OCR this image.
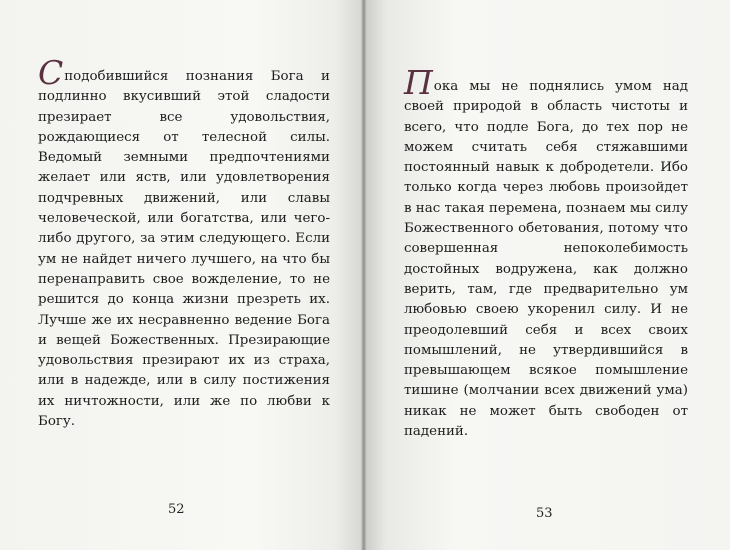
Сподобившийся познания Бога и подлинно вкусивший этой сладости презирает все удовольствия, рождающиеся от телесной силы. Ведомый земными предпочтениями желает или яств, или удовлетворения подчревных движений, или славы человеческой, или богатства, или чего-либо другого, за этим следующего. Если ум не найдет ничего лучшего, на что бы перенаправить свое вожделение, то не решится до конца жизни презреть их. Лучше же их несравненно ведение Бога и вещей Божественных. Презирающие удовольствия презирают их из страха, или в надежде, или в силу постижения их ничтожности, или же по любви к Богу.

52

Пока мы не поднялись умом над своей природой в область чистоты и всего, что подле Бога, до тех пор не можем считать себя стяжавшими постоянный навык к добродетели. Ибо только когда через любовь произойдет в нас такая перемена, познаем мы силу Божественного обетования, потому что совершенная непоколебимость достойных водружена, как должно верить, там, где предварительно ум любовью своею укоренил силу. И не преодолевший себя и всех своих помышлений, не утвердившийся в превышающем всякое помышление тишине (молчании всех движений ума) никак не может быть свободен от падений.

53
